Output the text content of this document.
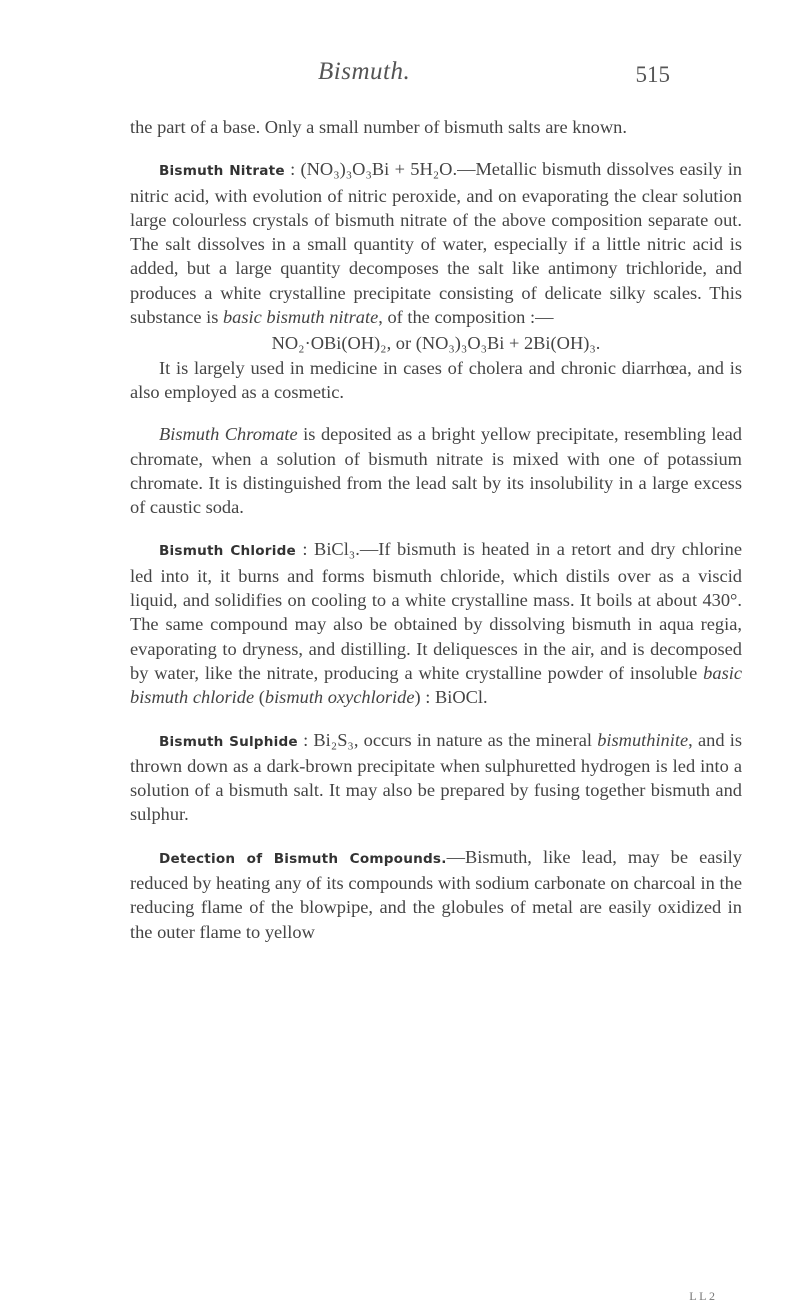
Bismuth.	515

the part of a base. Only a small number of bismuth salts are known.

Bismuth Nitrate : (NO₃)₃O₃Bi + 5H₂O.—Metallic bismuth dissolves easily in nitric acid, with evolution of nitric peroxide, and on evaporating the clear solution large colourless crystals of bismuth nitrate of the above composition separate out. The salt dissolves in a small quantity of water, especially if a little nitric acid is added, but a large quantity decomposes the salt like antimony trichloride, and produces a white crystalline precipitate consisting of delicate silky scales. This substance is basic bismuth nitrate, of the composition :—

NO₂·OBi(OH)₂, or (NO₃)₃O₃Bi + 2Bi(OH)₃.

It is largely used in medicine in cases of cholera and chronic diarrhœa, and is also employed as a cosmetic.

Bismuth Chromate is deposited as a bright yellow precipitate, resembling lead chromate, when a solution of bismuth nitrate is mixed with one of potassium chromate. It is distinguished from the lead salt by its insolubility in a large excess of caustic soda.

Bismuth Chloride : BiCl₃.—If bismuth is heated in a retort and dry chlorine led into it, it burns and forms bismuth chloride, which distils over as a viscid liquid, and solidifies on cooling to a white crystalline mass. It boils at about 430°. The same compound may also be obtained by dissolving bismuth in aqua regia, evaporating to dryness, and distilling. It deliquesces in the air, and is decomposed by water, like the nitrate, producing a white crystalline powder of insoluble basic bismuth chloride (bismuth oxychloride) : BiOCl.

Bismuth Sulphide : Bi₂S₃, occurs in nature as the mineral bismuthinite, and is thrown down as a dark-brown precipitate when sulphuretted hydrogen is led into a solution of a bismuth salt. It may also be prepared by fusing together bismuth and sulphur.

Detection of Bismuth Compounds.—Bismuth, like lead, may be easily reduced by heating any of its compounds with sodium carbonate on charcoal in the reducing flame of the blowpipe, and the globules of metal are easily oxidized in the outer flame to yellow

L L 2
